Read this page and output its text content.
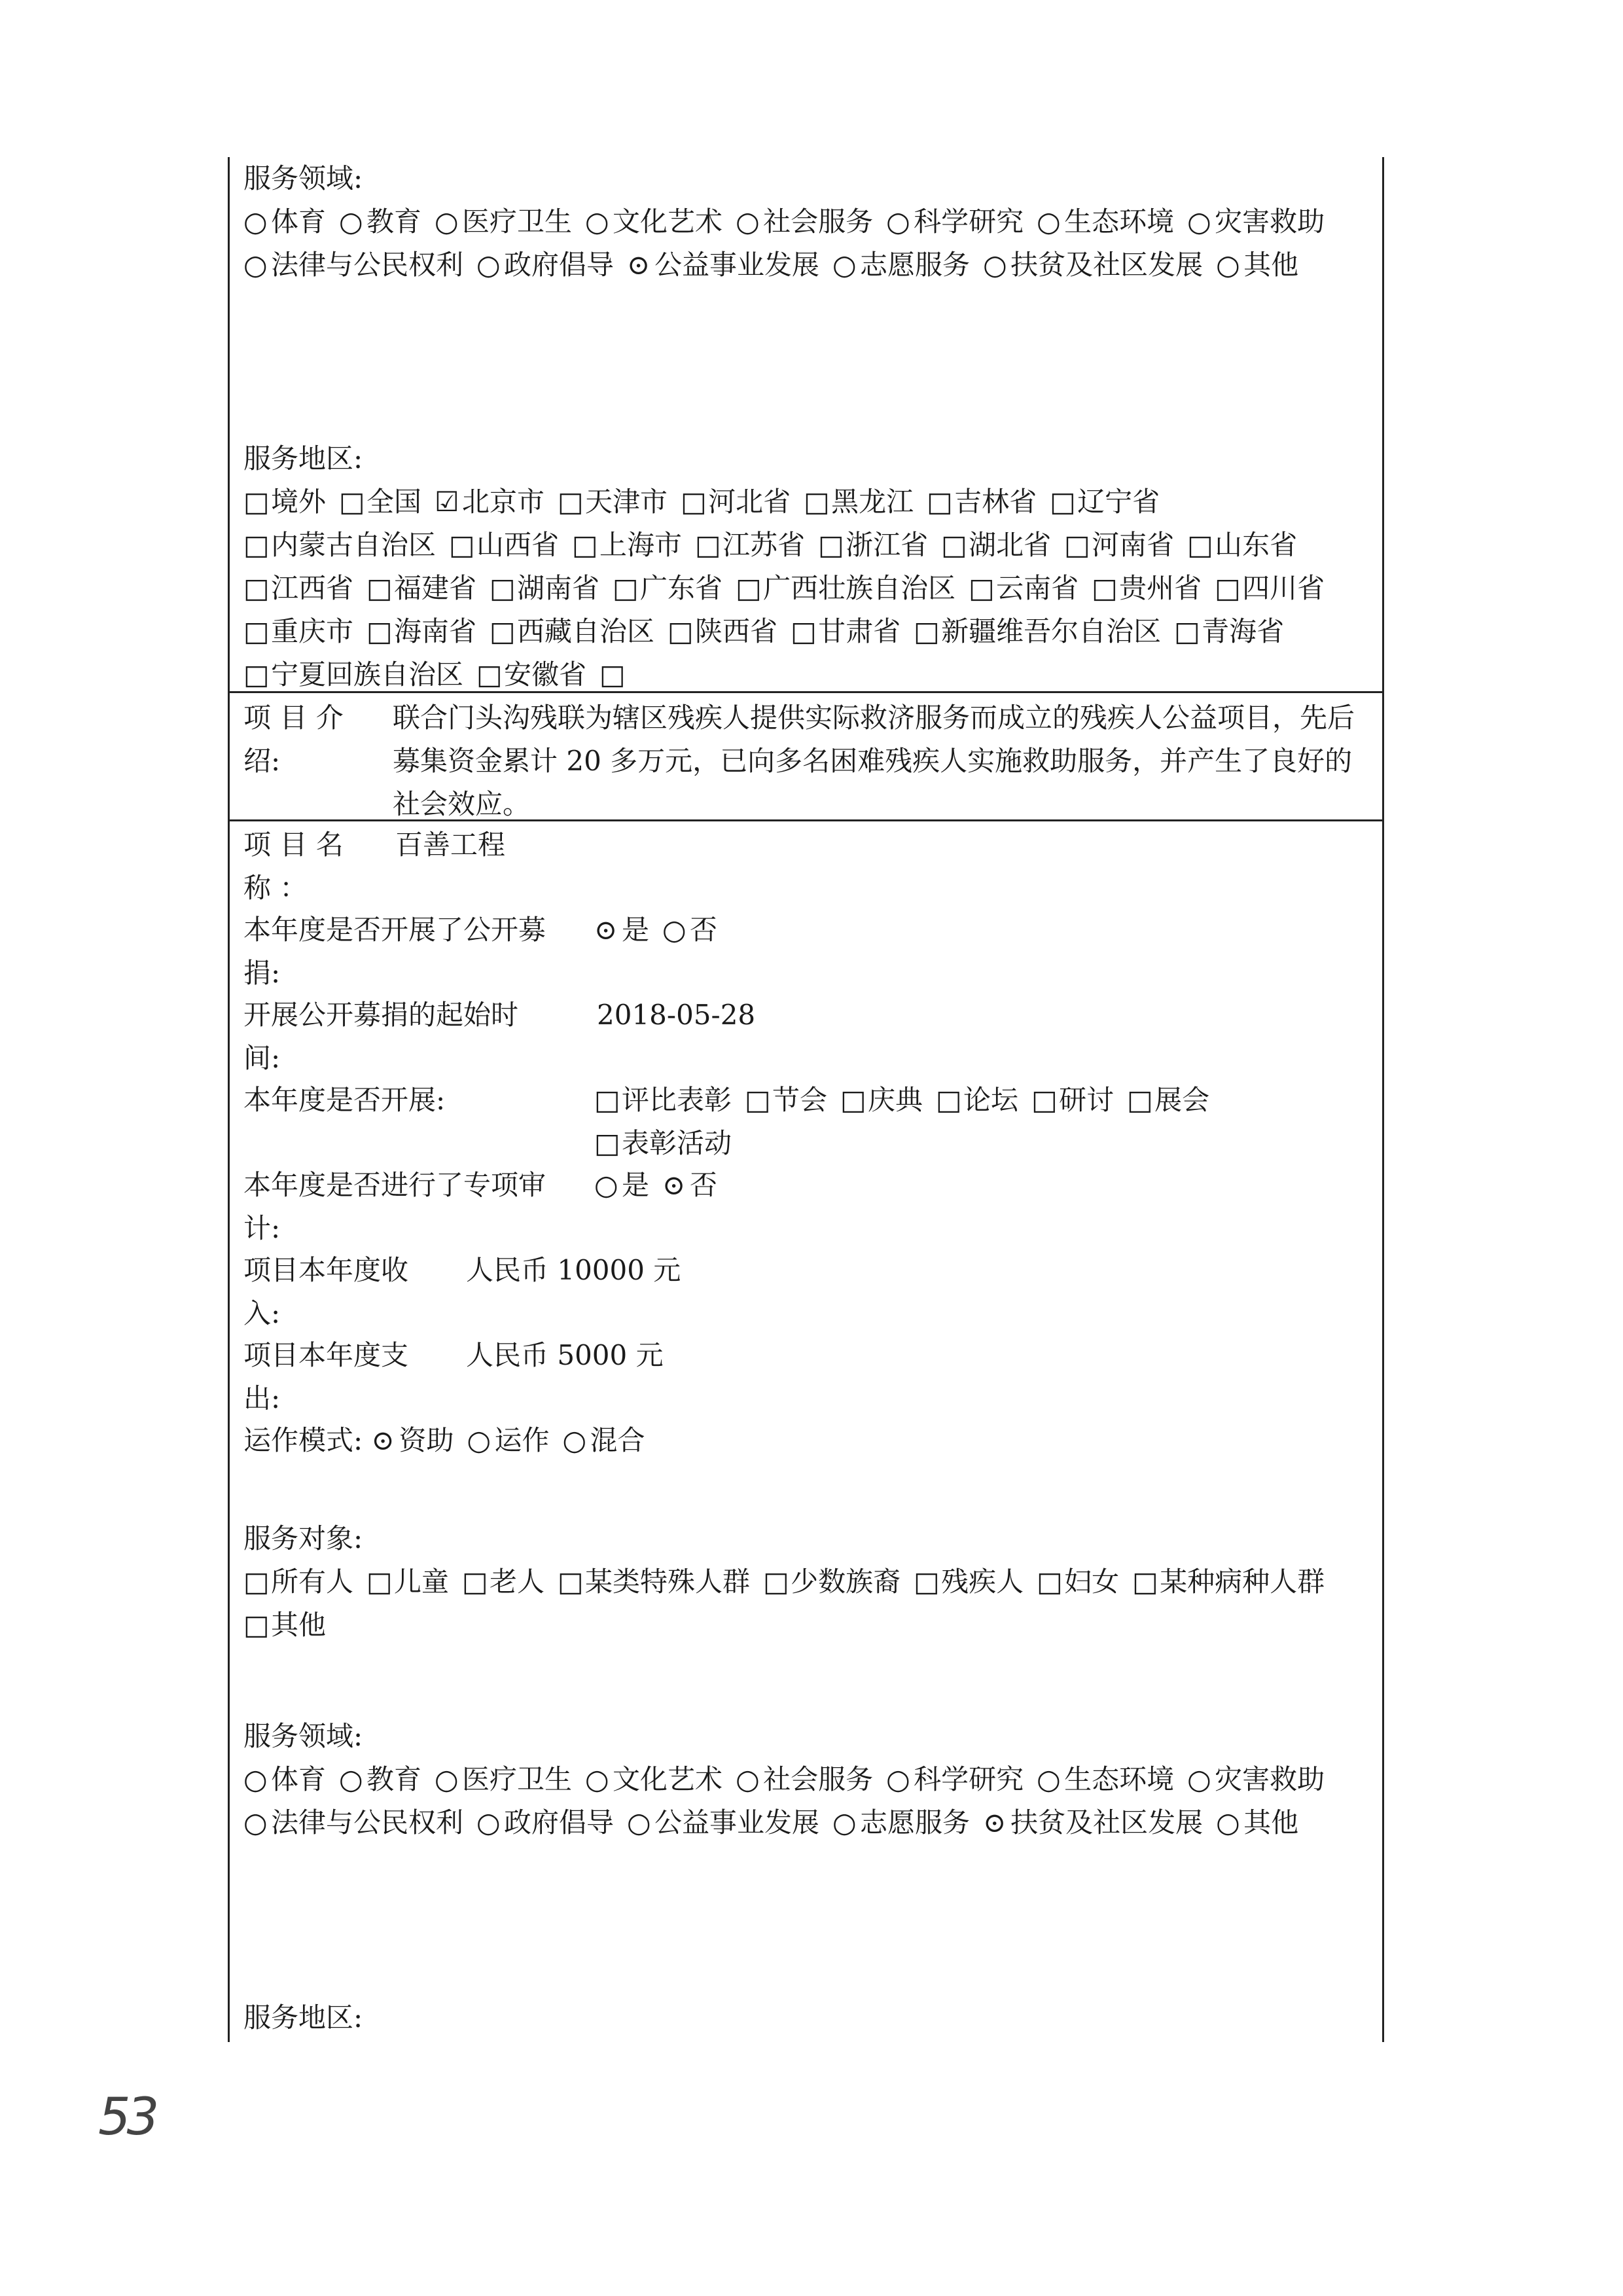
服务领域:
○ 体育 ○ 教育 ○ 医疗卫生 ○ 文化艺术 ○ 社会服务 ○ 科学研究 ○ 生态环境 ○ 灾害救助○ 法律与公民权利 ○ 政府倡导 ⊙ 公益事业发展 ○ 志愿服务 ○ 扶贫及社区发展 ○ 其他
服务地区:
□境外 □全国 ☑ 北京市 □天津市 □河北省 □黑龙江 □吉林省 □辽宁省□内蒙古自治区 □山西省 □上海市 □江苏省 □浙江省 □湖北省 □河南省 □山东省□江西省 □福建省 □湖南省 □广东省 □广西壮族自治区 □云南省 □贵州省 □四川省□重庆市 □海南省 □西藏自治区 □陕西省 □甘肃省 □新疆维吾尔自治区 □青海省□宁夏回族自治区 □安徽省 □
项 目 介
绍:
联合门头沟残联为辖区残疾人提供实际救济服务而成立的残疾人公益项目，先后募集资金累计 20 多万元，已向多名困难残疾人实施救助服务，并产生了良好的社会效应。
项 目 名
称 ：
百善工程
本年度是否开展了公开募
捐:
⊙ 是 ○ 否
开展公开募捐的起始时
间:
2018-05-28
本年度是否开展:	□评比表彰 □节会 □庆典 □论坛 □研讨 □展会□表彰活动
本年度是否进行了专项审
计:
○ 是 ⊙ 否
项目本年度收
入:
人民币 10000 元
项目本年度支
出:
人民币 5000 元
运作模式: ⊙ 资助 ○ 运作 ○ 混合
服务对象:
□所有人 □儿童 □老人 □某类特殊人群 □少数族裔 □残疾人 □妇女 □某种病种人群□其他
服务领域:
○ 体育 ○ 教育 ○ 医疗卫生 ○ 文化艺术 ○ 社会服务 ○ 科学研究 ○ 生态环境 ○ 灾害救助○ 法律与公民权利 ○ 政府倡导 ○ 公益事业发展 ○ 志愿服务 ⊙ 扶贫及社区发展 ○ 其他
服务地区:
53
